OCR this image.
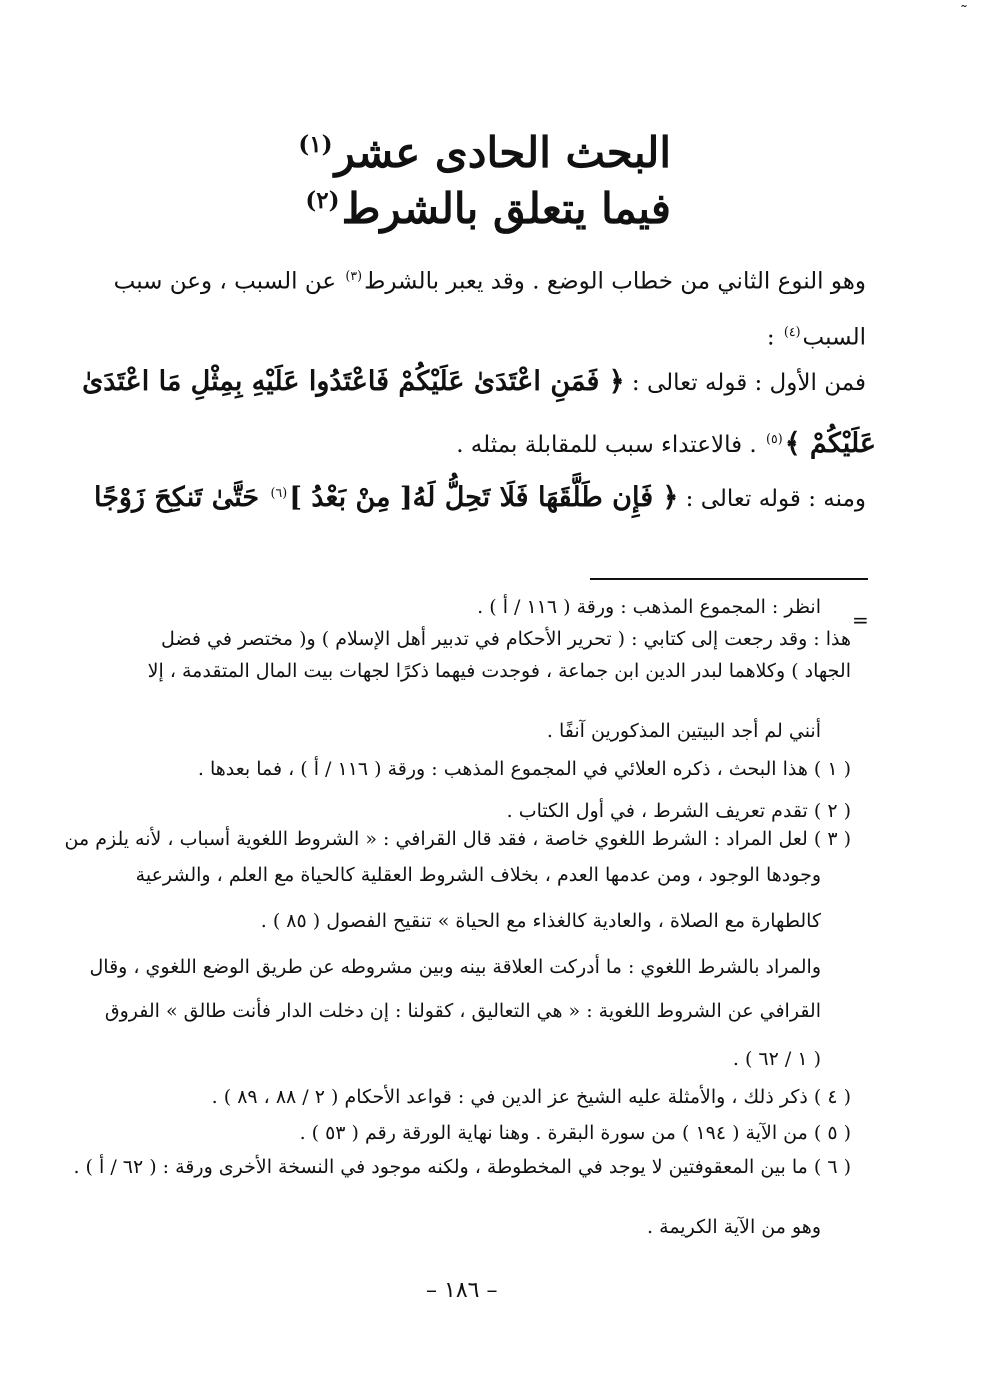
˜
البحث الحادى عشر$^{(١)}$
فيما يتعلق بالشرط$^{(٢)}$
وهو النوع الثاني من خطاب الوضع . وقد يعبر بالشرط$^{(٣)}$ عن السبب ، وعن سبب
السبب$^{(٤)}$ :
فمن الأول : قوله تعالى : ﴿ فَمَنِ اعْتَدَىٰ عَلَيْكُمْ فَاعْتَدُوا عَلَيْهِ بِمِثْلِ مَا اعْتَدَىٰ
عَلَيْكُمْ ﴾$^{(٥)}$ . فالاعتداء سبب للمقابلة بمثله .
ومنه : قوله تعالى : ﴿ فَإِن طَلَّقَهَا فَلَا تَحِلُّ لَهُ[ مِنْ بَعْدُ ]$^{(٦)}$ حَتَّىٰ تَنكِحَ زَوْجًا
=
انظر : المجموع المذهب : ورقة ( ١١٦ / أ ) .
هذا : وقد رجعت إلى كتابي : ( تحرير الأحكام في تدبير أهل الإسلام ) و( مختصر في فضل
الجهاد ) وكلاهما لبدر الدين ابن جماعة ، فوجدت فيهما ذكرًا لجهات بيت المال المتقدمة ، إلا
أنني لم أجد البيتين المذكورين آنفًا .
( ١ ) هذا البحث ، ذكره العلائي في المجموع المذهب : ورقة ( ١١٦ / أ ) ، فما بعدها .
( ٢ ) تقدم تعريف الشرط ، في أول الكتاب .
( ٣ ) لعل المراد : الشرط اللغوي خاصة ، فقد قال القرافي : « الشروط اللغوية أسباب ، لأنه يلزم من
وجودها الوجود ، ومن عدمها العدم ، بخلاف الشروط العقلية كالحياة مع العلم ، والشرعية
كالطهارة مع الصلاة ، والعادية كالغذاء مع الحياة » تنقيح الفصول ( ٨٥ ) .
والمراد بالشرط اللغوي : ما أدركت العلاقة بينه وبين مشروطه عن طريق الوضع اللغوي ، وقال
القرافي عن الشروط اللغوية : « هي التعاليق ، كقولنا : إن دخلت الدار فأنت طالق » الفروق
( ١ / ٦٢ ) .
( ٤ ) ذكر ذلك ، والأمثلة عليه الشيخ عز الدين في : قواعد الأحكام ( ٢ / ٨٨ ، ٨٩ ) .
( ٥ ) من الآية ( ١٩٤ ) من سورة البقرة . وهنا نهاية الورقة رقم ( ٥٣ ) .
( ٦ ) ما بين المعقوفتين لا يوجد في المخطوطة ، ولكنه موجود في النسخة الأخرى ورقة : ( ٦٢ / أ ) .
وهو من الآية الكريمة .
– ١٨٦ –
